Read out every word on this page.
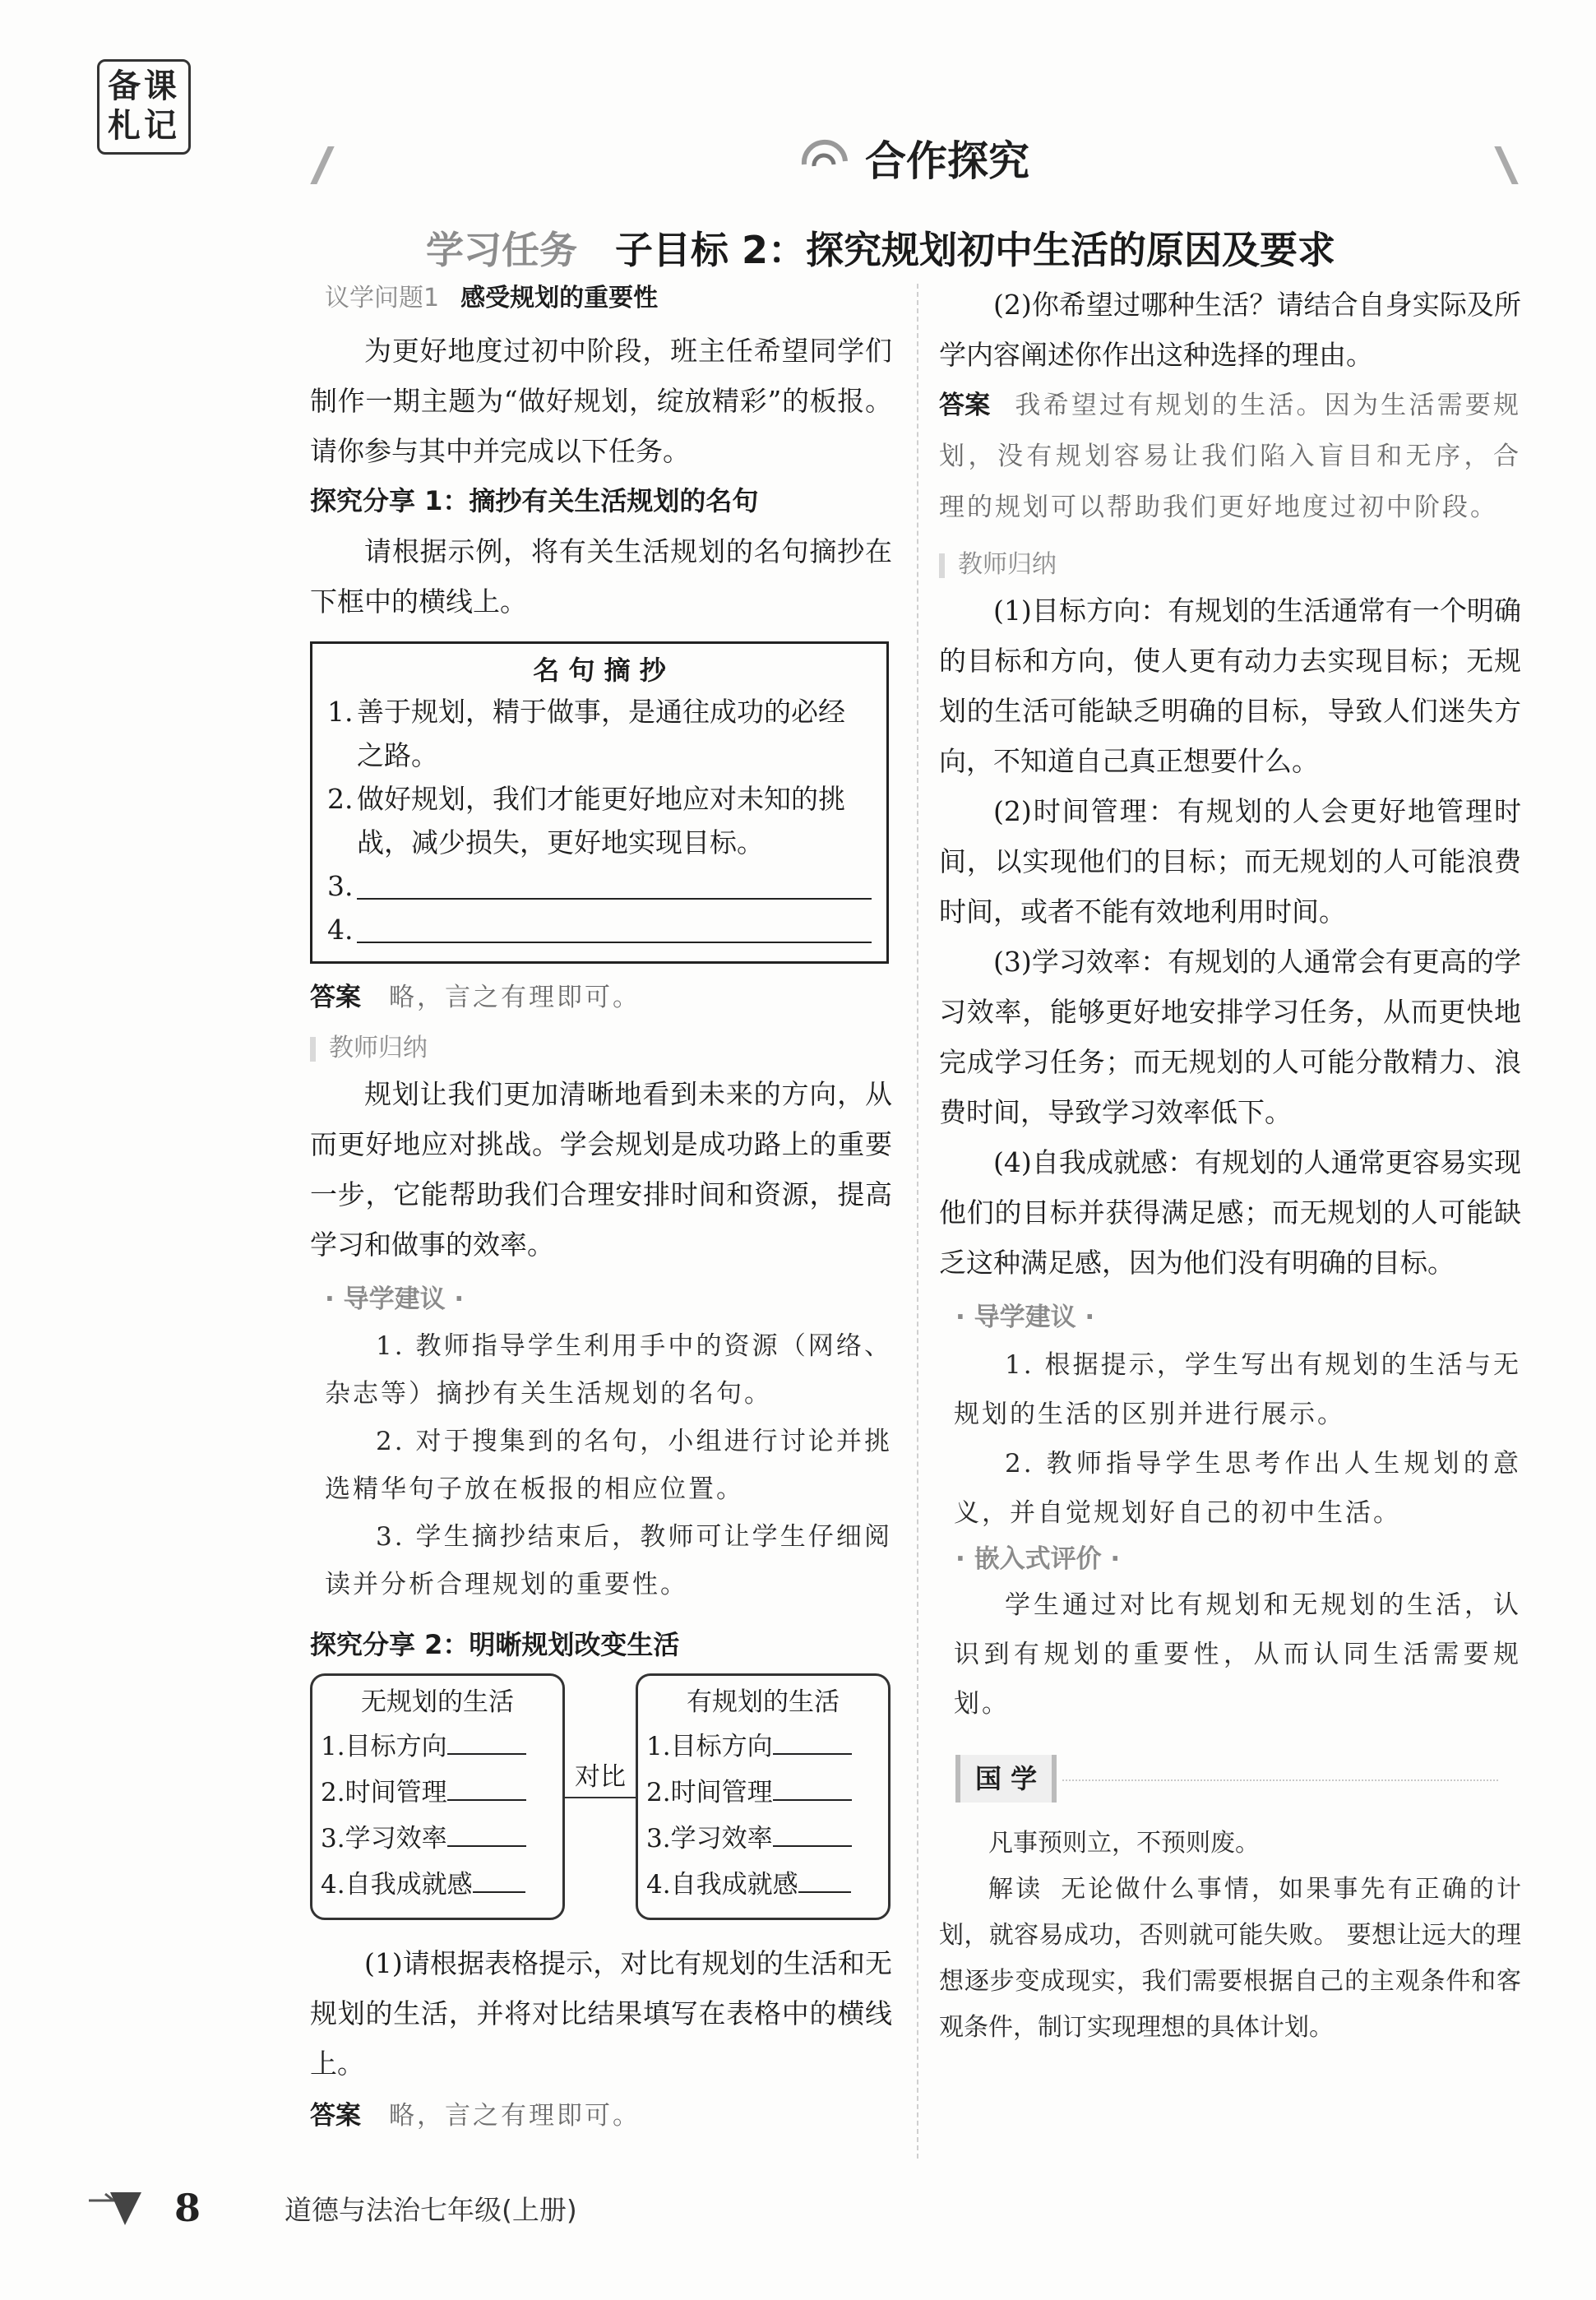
备课札记
合作探究
学习任务 子目标 2：探究规划初中生活的原因及要求
议学问题1 感受规划的重要性

为更好地度过初中阶段，班主任希望同学们制作一期主题为“做好规划，绽放精彩”的板报。请你参与其中并完成以下任务。

探究分享 1：摘抄有关生活规划的名句

请根据示例，将有关生活规划的名句摘抄在下框中的横线上。

名 句 摘 抄
1. 善于规划，精于做事，是通往成功的必经之路。
2. 做好规划，我们才能更好地应对未知的挑战，减少损失，更好地实现目标。
3.
4.
答案 略，言之有理即可。
教师归纳

规划让我们更加清晰地看到未来的方向，从而更好地应对挑战。学会规划是成功路上的重要一步，它能帮助我们合理安排时间和资源，提高学习和做事的效率。

· 导学建议 ·

1. 教师指导学生利用手中的资源（网络、杂志等）摘抄有关生活规划的名句。

2. 对于搜集到的名句，小组进行讨论并挑选精华句子放在板报的相应位置。

3. 学生摘抄结束后，教师可让学生仔细阅读并分析合理规划的重要性。

探究分享 2：明晰规划改变生活

无规划的生活
1.目标方向
2.时间管理
3.学习效率
4.自我成就感
对比
有规划的生活
1.目标方向
2.时间管理
3.学习效率
4.自我成就感

(1)请根据表格提示，对比有规划的生活和无规划的生活，并将对比结果填写在表格中的横线上。

答案 略，言之有理即可。

(2)你希望过哪种生活？请结合自身实际及所学内容阐述你作出这种选择的理由。

答案 我希望过有规划的生活。因为生活需要规划，没有规划容易让我们陷入盲目和无序，合理的规划可以帮助我们更好地度过初中阶段。
教师归纳

(1)目标方向：有规划的生活通常有一个明确的目标和方向，使人更有动力去实现目标；无规划的生活可能缺乏明确的目标，导致人们迷失方向，不知道自己真正想要什么。

(2)时间管理：有规划的人会更好地管理时间，以实现他们的目标；而无规划的人可能浪费时间，或者不能有效地利用时间。

(3)学习效率：有规划的人通常会有更高的学习效率，能够更好地安排学习任务，从而更快地完成学习任务；而无规划的人可能分散精力、浪费时间，导致学习效率低下。

(4)自我成就感：有规划的人通常更容易实现他们的目标并获得满足感；而无规划的人可能缺乏这种满足感，因为他们没有明确的目标。

· 导学建议 ·

1. 根据提示，学生写出有规划的生活与无规划的生活的区别并进行展示。

2. 教师指导学生思考作出人生规划的意义，并自觉规划好自己的初中生活。

· 嵌入式评价 ·

学生通过对比有规划和无规划的生活，认识到有规划的重要性，从而认同生活需要规划。

国 学
凡事预则立，不预则废。
解读 无论做什么事情，如果事先有正确的计划，就容易成功，否则就可能失败。 要想让远大的理想逐步变成现实，我们需要根据自己的主观条件和客观条件，制订实现理想的具体计划。
8	道德与法治七年级(上册)
